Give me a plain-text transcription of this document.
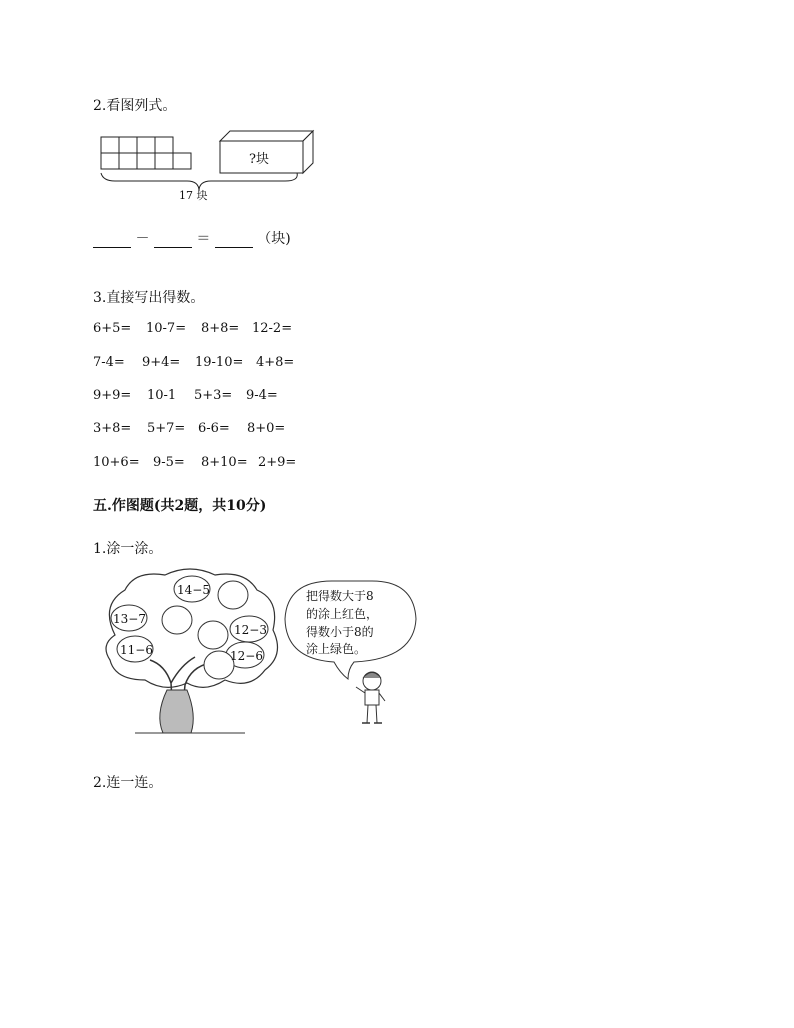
2.看图列式。
?块
17 块
－	＝	（块)
3.直接写出得数。
6+5= 10-7= 8+8= 12-2=
7-4= 9+4= 19-10= 4+8=
9+9= 10-1 5+3= 9-4=
3+8= 5+7= 6-6= 8+0=
10+6= 9-5= 8+10= 2+9=
五.作图题(共2题，共10分)
1.涂一涂。
14−5
13−7
11−6
12−3
12−6
把得数大于8
的涂上红色，
得数小于8的
涂上绿色。
2.连一连。
